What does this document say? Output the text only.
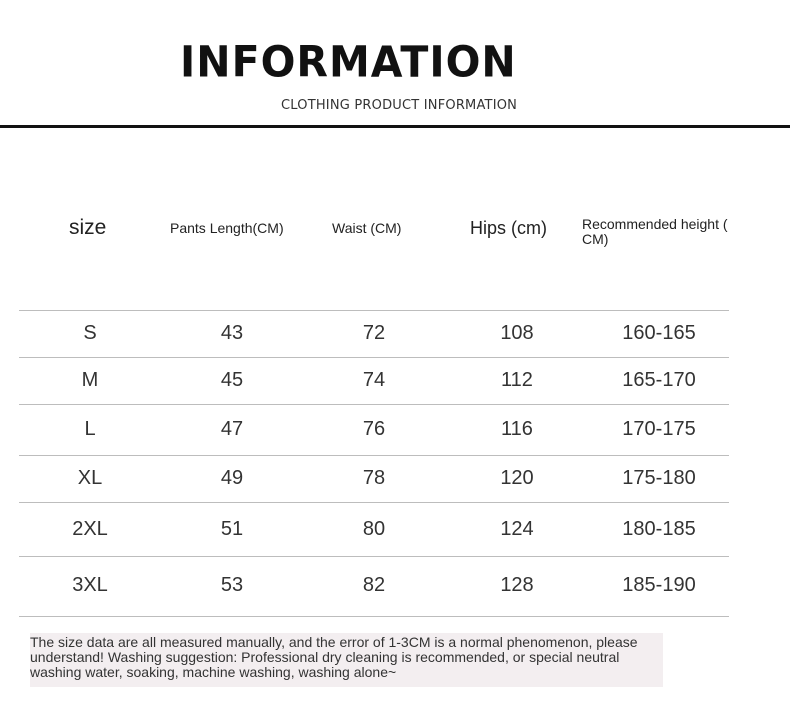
INFORMATION
CLOTHING PRODUCT INFORMATION
size	Pants Length(CM)	Waist (CM)	Hips (cm)	Recommended height ( CM)
S	43	72	108	160-165
M	45	74	112	165-170
L	47	76	116	170-175
XL	49	78	120	175-180
2XL	51	80	124	180-185
3XL	53	82	128	185-190
The size data are all measured manually, and the error of 1-3CM is a normal phenomenon, please understand! Washing suggestion: Professional dry cleaning is recommended, or special neutral washing water, soaking, machine washing, washing alone~
